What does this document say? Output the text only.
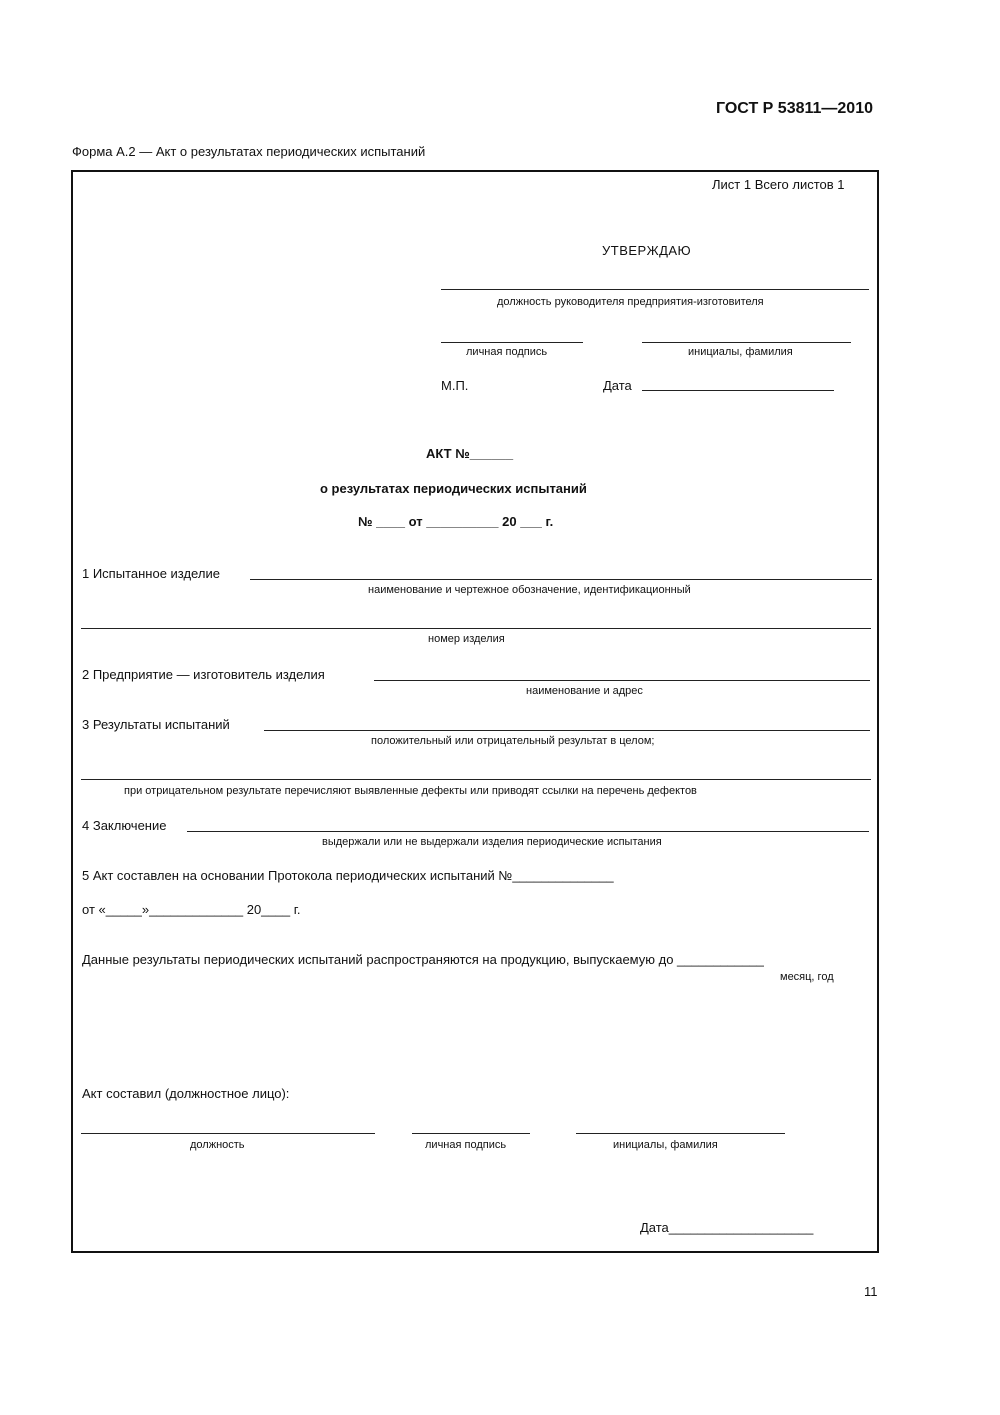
ГОСТ Р 53811—2010
Форма А.2 — Акт о результатах периодических испытаний
Лист 1 Всего листов 1
УТВЕРЖДАЮ
должность руководителя предприятия-изготовителя
личная подпись	инициалы, фамилия
М.П.	Дата
АКТ №______
о результатах периодических испытаний
№ ____ от __________ 20 ___ г.
1 Испытанное изделие
наименование и чертежное обозначение, идентификационный
номер изделия
2 Предприятие — изготовитель изделия
наименование и адрес
3 Результаты испытаний
положительный или отрицательный результат в целом;
при отрицательном результате перечисляют выявленные дефекты или приводят ссылки на перечень дефектов
4 Заключение
выдержали или не выдержали изделия периодические испытания
5 Акт составлен на основании Протокола периодических испытаний №______________
от «_____»_____________ 20____ г.
Данные результаты периодических испытаний распространяются на продукцию, выпускаемую до ____________
месяц, год
Акт составил (должностное лицо):
должность	личная подпись	инициалы, фамилия
Дата____________________
11
